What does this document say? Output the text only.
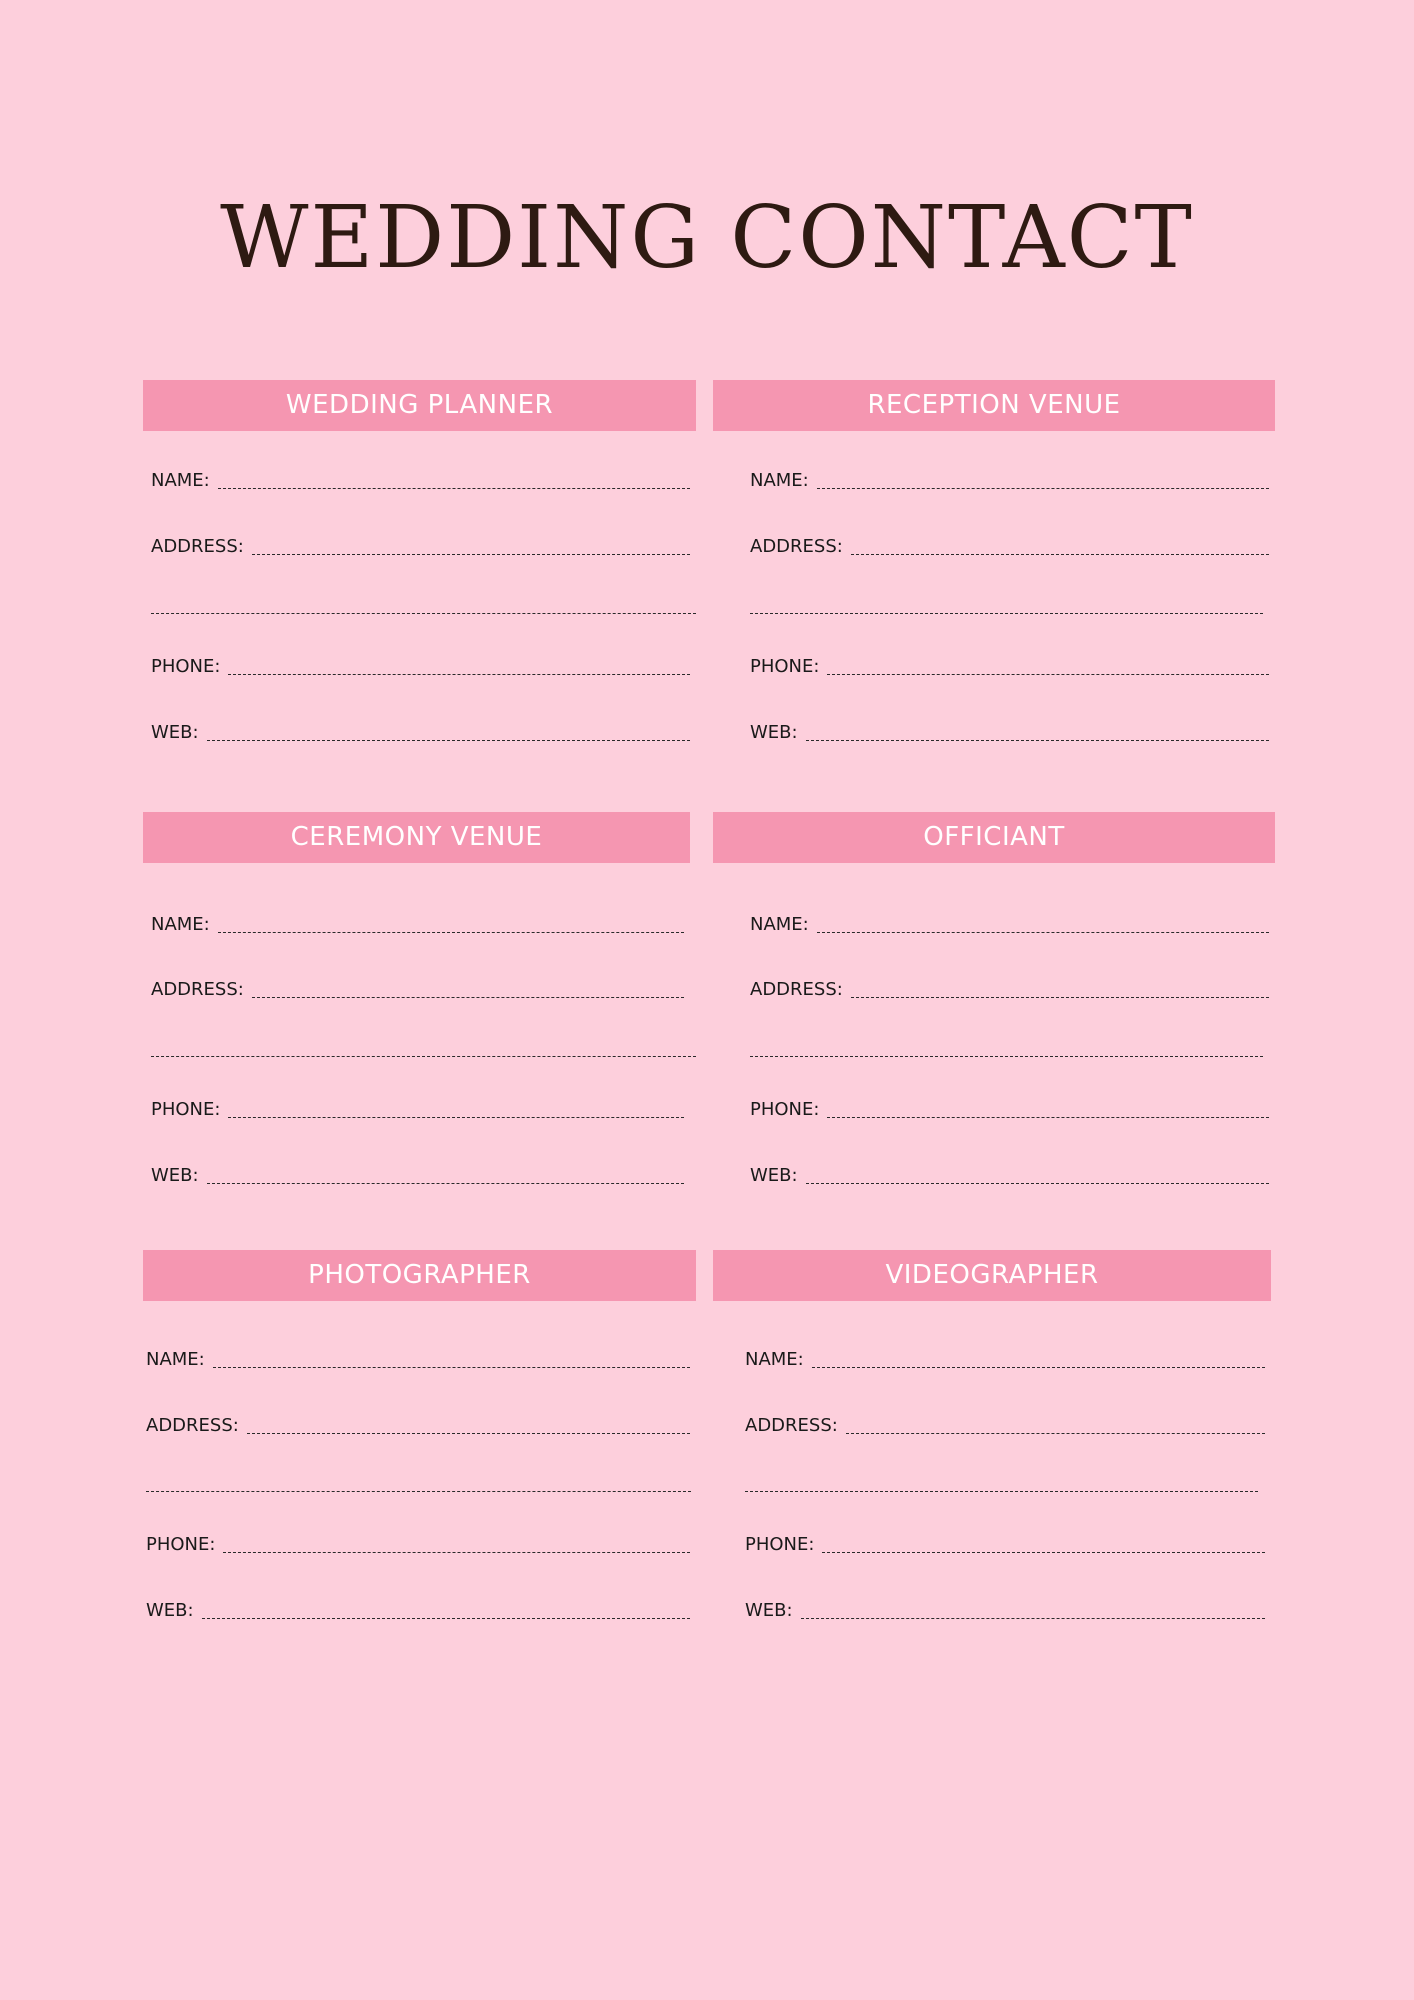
WEDDING CONTACT
WEDDING PLANNER
NAME:
ADDRESS:
PHONE:
WEB:
RECEPTION VENUE
NAME:
ADDRESS:
PHONE:
WEB:
CEREMONY VENUE
NAME:
ADDRESS:
PHONE:
WEB:
OFFICIANT
NAME:
ADDRESS:
PHONE:
WEB:
PHOTOGRAPHER
NAME:
ADDRESS:
PHONE:
WEB:
VIDEOGRAPHER
NAME:
ADDRESS:
PHONE:
WEB:
